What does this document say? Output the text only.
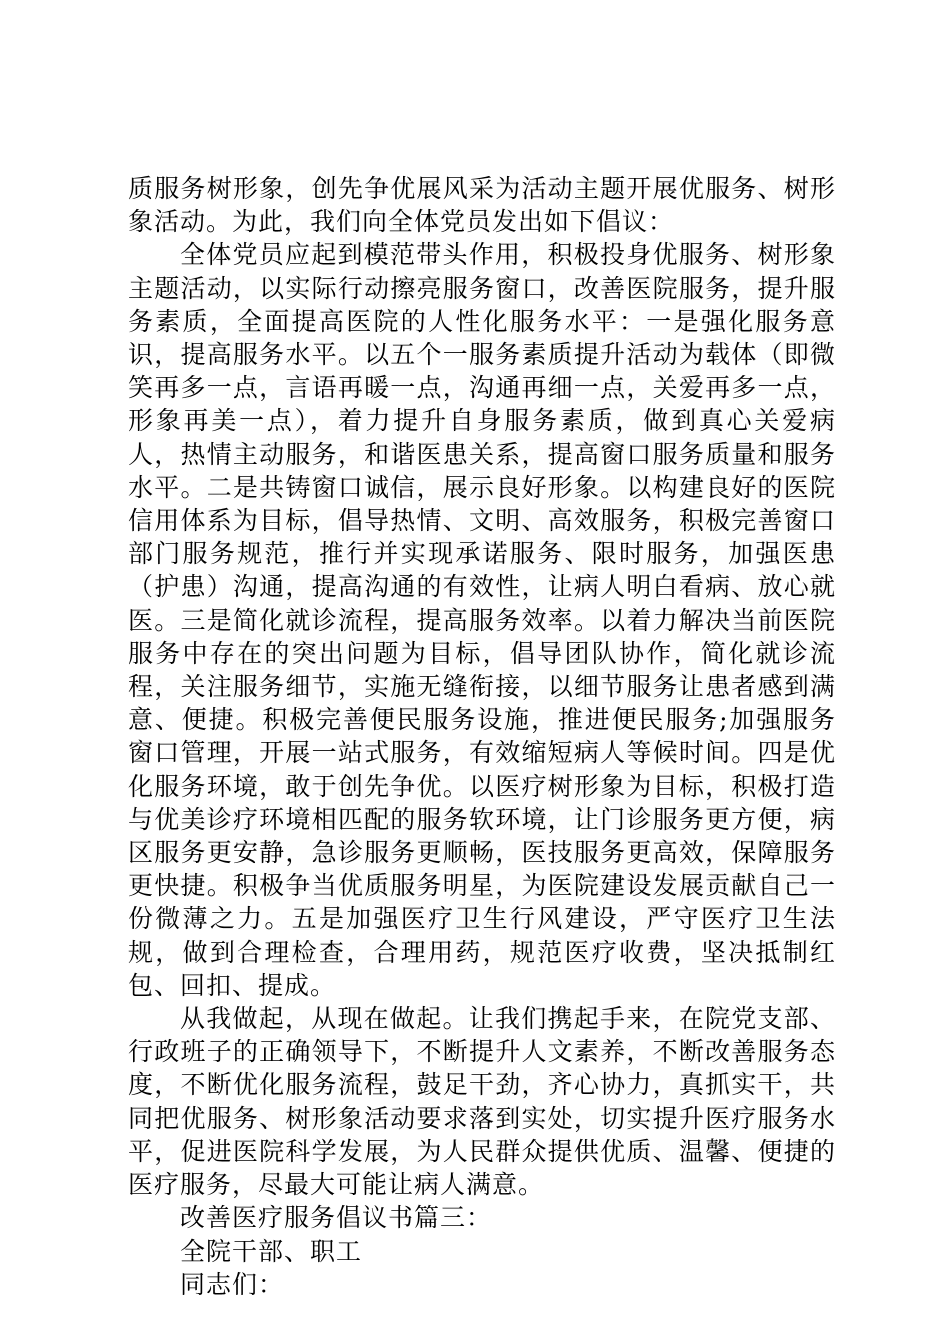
质服务树形象，创先争优展风采为活动主题开展优服务、树形象活动。为此，我们向全体党员发出如下倡议：

全体党员应起到模范带头作用，积极投身优服务、树形象主题活动，以实际行动擦亮服务窗口，改善医院服务，提升服务素质，全面提高医院的人性化服务水平：一是强化服务意识，提高服务水平。以五个一服务素质提升活动为载体（即微笑再多一点，言语再暖一点，沟通再细一点，关爱再多一点，形象再美一点），着力提升自身服务素质，做到真心关爱病人，热情主动服务，和谐医患关系，提高窗口服务质量和服务水平。二是共铸窗口诚信，展示良好形象。以构建良好的医院信用体系为目标，倡导热情、文明、高效服务，积极完善窗口部门服务规范，推行并实现承诺服务、限时服务，加强医患（护患）沟通，提高沟通的有效性，让病人明白看病、放心就医。三是简化就诊流程，提高服务效率。以着力解决当前医院服务中存在的突出问题为目标，倡导团队协作，简化就诊流程，关注服务细节，实施无缝衔接，以细节服务让患者感到满意、便捷。积极完善便民服务设施，推进便民服务;加强服务窗口管理，开展一站式服务，有效缩短病人等候时间。四是优化服务环境，敢于创先争优。以医疗树形象为目标，积极打造与优美诊疗环境相匹配的服务软环境，让门诊服务更方便，病区服务更安静，急诊服务更顺畅，医技服务更高效，保障服务更快捷。积极争当优质服务明星，为医院建设发展贡献自己一份微薄之力。五是加强医疗卫生行风建设，严守医疗卫生法规，做到合理检查，合理用药，规范医疗收费，坚决抵制红包、回扣、提成。

从我做起，从现在做起。让我们携起手来，在院党支部、行政班子的正确领导下，不断提升人文素养，不断改善服务态度，不断优化服务流程，鼓足干劲，齐心协力，真抓实干，共同把优服务、树形象活动要求落到实处，切实提升医疗服务水平，促进医院科学发展，为人民群众提供优质、温馨、便捷的医疗服务，尽最大可能让病人满意。

改善医疗服务倡议书篇三：

全院干部、职工

同志们：
